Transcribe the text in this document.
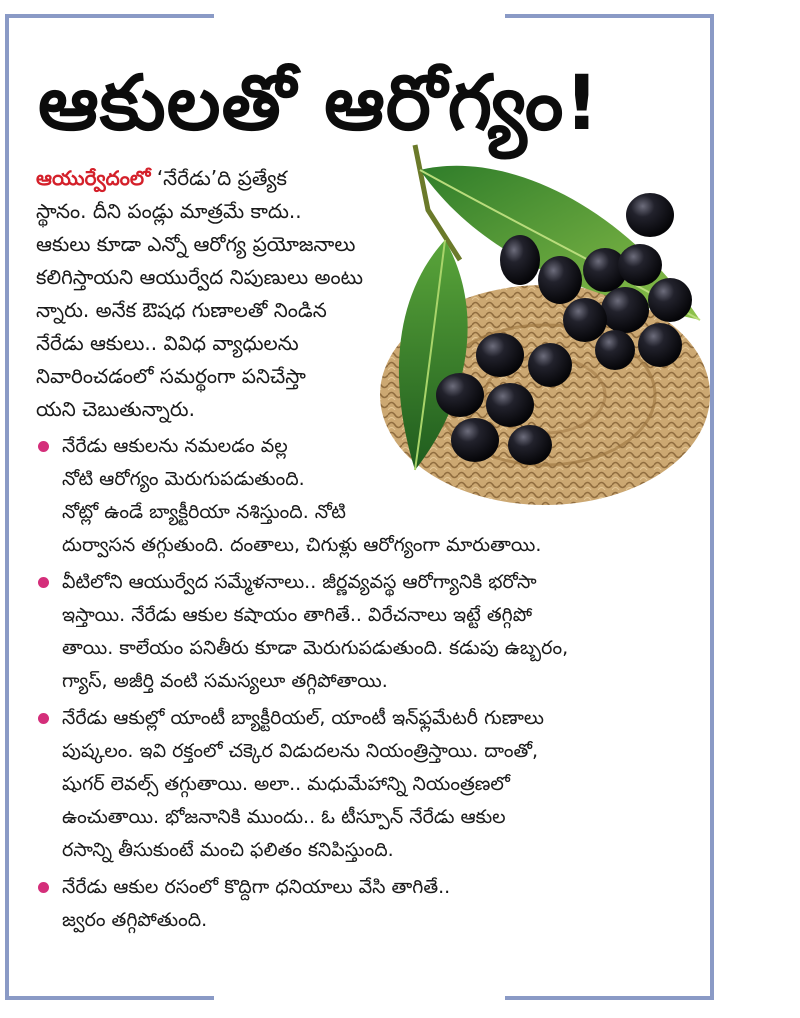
ఆకులతో ఆరోగ్యం!
ఆయుర్వేదంలో ‘నేరేడు’ది ప్రత్యేక
స్థానం. దీని పండ్లు మాత్రమే కాదు..
ఆకులు కూడా ఎన్నో ఆరోగ్య ప్రయోజనాలు
కలిగిస్తాయని ఆయుర్వేద నిపుణులు అంటు
న్నారు. అనేక ఔషధ గుణాలతో నిండిన
నేరేడు ఆకులు.. వివిధ వ్యాధులను
నివారించడంలో సమర్థంగా పనిచేస్తా
యని చెబుతున్నారు.
నేరేడు ఆకులను నమలడం వల్ల
నోటి ఆరోగ్యం మెరుగుపడుతుంది.
నోట్లో ఉండే బ్యాక్టీరియా నశిస్తుంది. నోటి
దుర్వాసన తగ్గుతుంది. దంతాలు, చిగుళ్లు ఆరోగ్యంగా మారుతాయి.
వీటిలోని ఆయుర్వేద సమ్మేళనాలు.. జీర్ణవ్యవస్థ ఆరోగ్యానికి భరోసా
ఇస్తాయి. నేరేడు ఆకుల కషాయం తాగితే.. విరేచనాలు ఇట్టే తగ్గిపో
తాయి. కాలేయం పనితీరు కూడా మెరుగుపడుతుంది. కడుపు ఉబ్బరం,
గ్యాస్, అజీర్తి వంటి సమస్యలూ తగ్గిపోతాయి.
నేరేడు ఆకుల్లో యాంటీ బ్యాక్టీరియల్, యాంటీ ఇన్‌ఫ్లమేటరీ గుణాలు
పుష్కలం. ఇవి రక్తంలో చక్కెర విడుదలను నియంత్రిస్తాయి. దాంతో,
షుగర్ లెవల్స్ తగ్గుతాయి. అలా.. మధుమేహాన్ని నియంత్రణలో
ఉంచుతాయి. భోజనానికి ముందు.. ఓ టీస్పూన్ నేరేడు ఆకుల
రసాన్ని తీసుకుంటే మంచి ఫలితం కనిపిస్తుంది.
నేరేడు ఆకుల రసంలో కొద్దిగా ధనియాలు వేసి తాగితే..
జ్వరం తగ్గిపోతుంది.
